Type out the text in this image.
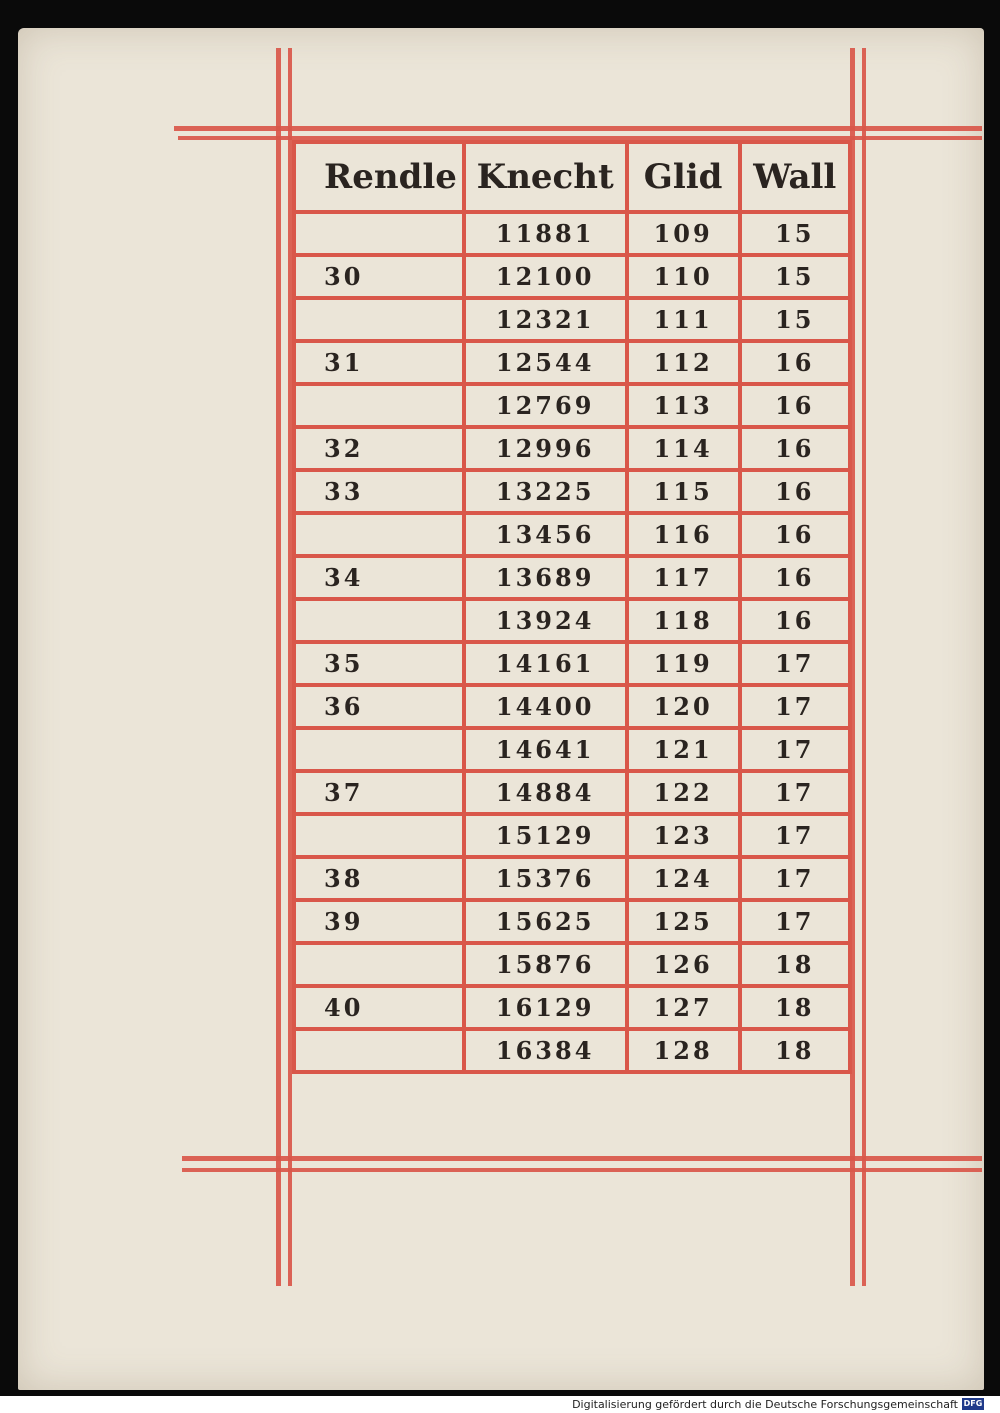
Rendle	Knecht	Glid	Wall
	11881	109	15
30	12100	110	15
	12321	111	15
31	12544	112	16
	12769	113	16
32	12996	114	16
33	13225	115	16
	13456	116	16
34	13689	117	16
	13924	118	16
35	14161	119	17
36	14400	120	17
	14641	121	17
37	14884	122	17
	15129	123	17
38	15376	124	17
39	15625	125	17
	15876	126	18
40	16129	127	18
	16384	128	18
Digitalisierung gefördert durch die Deutsche Forschungsgemeinschaft DFG
